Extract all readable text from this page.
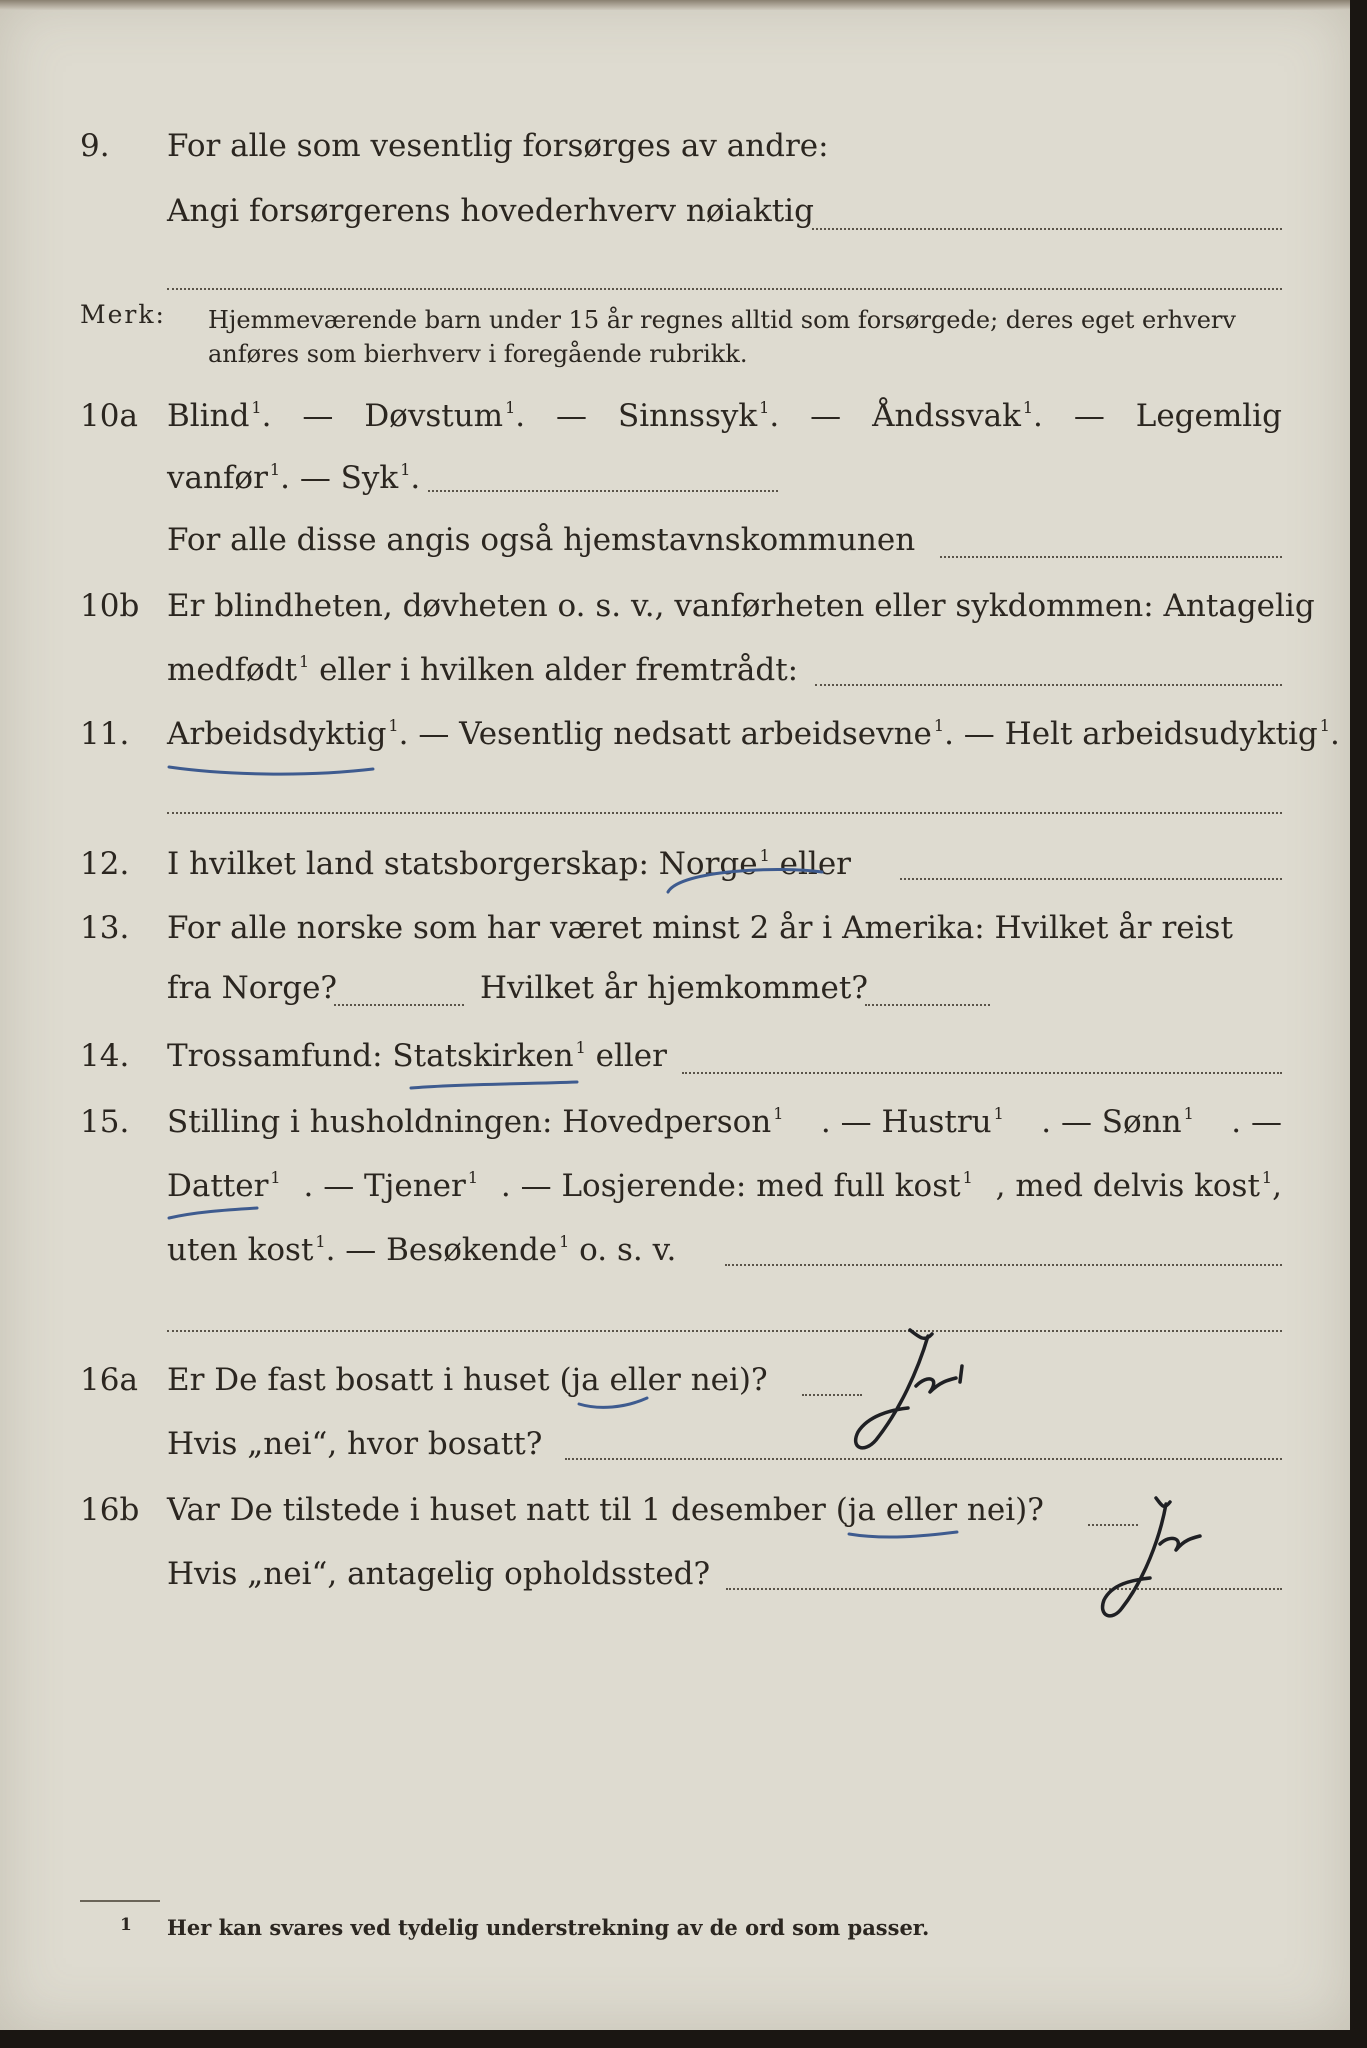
9. For alle som vesentlig forsørges av andre:
Angi forsørgerens hovederhverv nøiaktig
Merk: Hjemmeværende barn under 15 år regnes alltid som forsørgede; deres eget erhverv
anføres som bierhverv i foregående rubrikk.
10a Blind $^1$. — Døvstum $^1$. — Sinnssyk $^1$. — Åndssvak $^1$. — Legemlig
vanfør $^1$. — Syk $^1$.
For alle disse angis også hjemstavnskommunen
10b Er blindheten, døvheten o. s. v., vanførheten eller sykdommen: Antagelig
medfødt $^1$ eller i hvilken alder fremtrådt:
11. Arbeidsdyktig $^1$. — Vesentlig nedsatt arbeidsevne $^1$. — Helt arbeidsudyktig $^1$.
12. I hvilket land statsborgerskap: Norge $^1$ eller
13. For alle norske som har været minst 2 år i Amerika: Hvilket år reist
fra Norge?	Hvilket år hjemkommet?
14. Trossamfund: Statskirken $^1$ eller
15. Stilling i husholdningen: Hovedperson $^1$ . — Hustru $^1$ . — Sønn $^1$ . —
Datter $^1$ . — Tjener $^1$ . — Losjerende: med full kost $^1$ , med delvis kost $^1$,
uten kost $^1$. — Besøkende $^1$ o. s. v.
16a Er De fast bosatt i huset (ja eller nei)?
Hvis „nei“, hvor bosatt?
16b Var De tilstede i huset natt til 1 desember (ja eller nei)?
Hvis „nei“, antagelig opholdssted?
1 Her kan svares ved tydelig understrekning av de ord som passer.
